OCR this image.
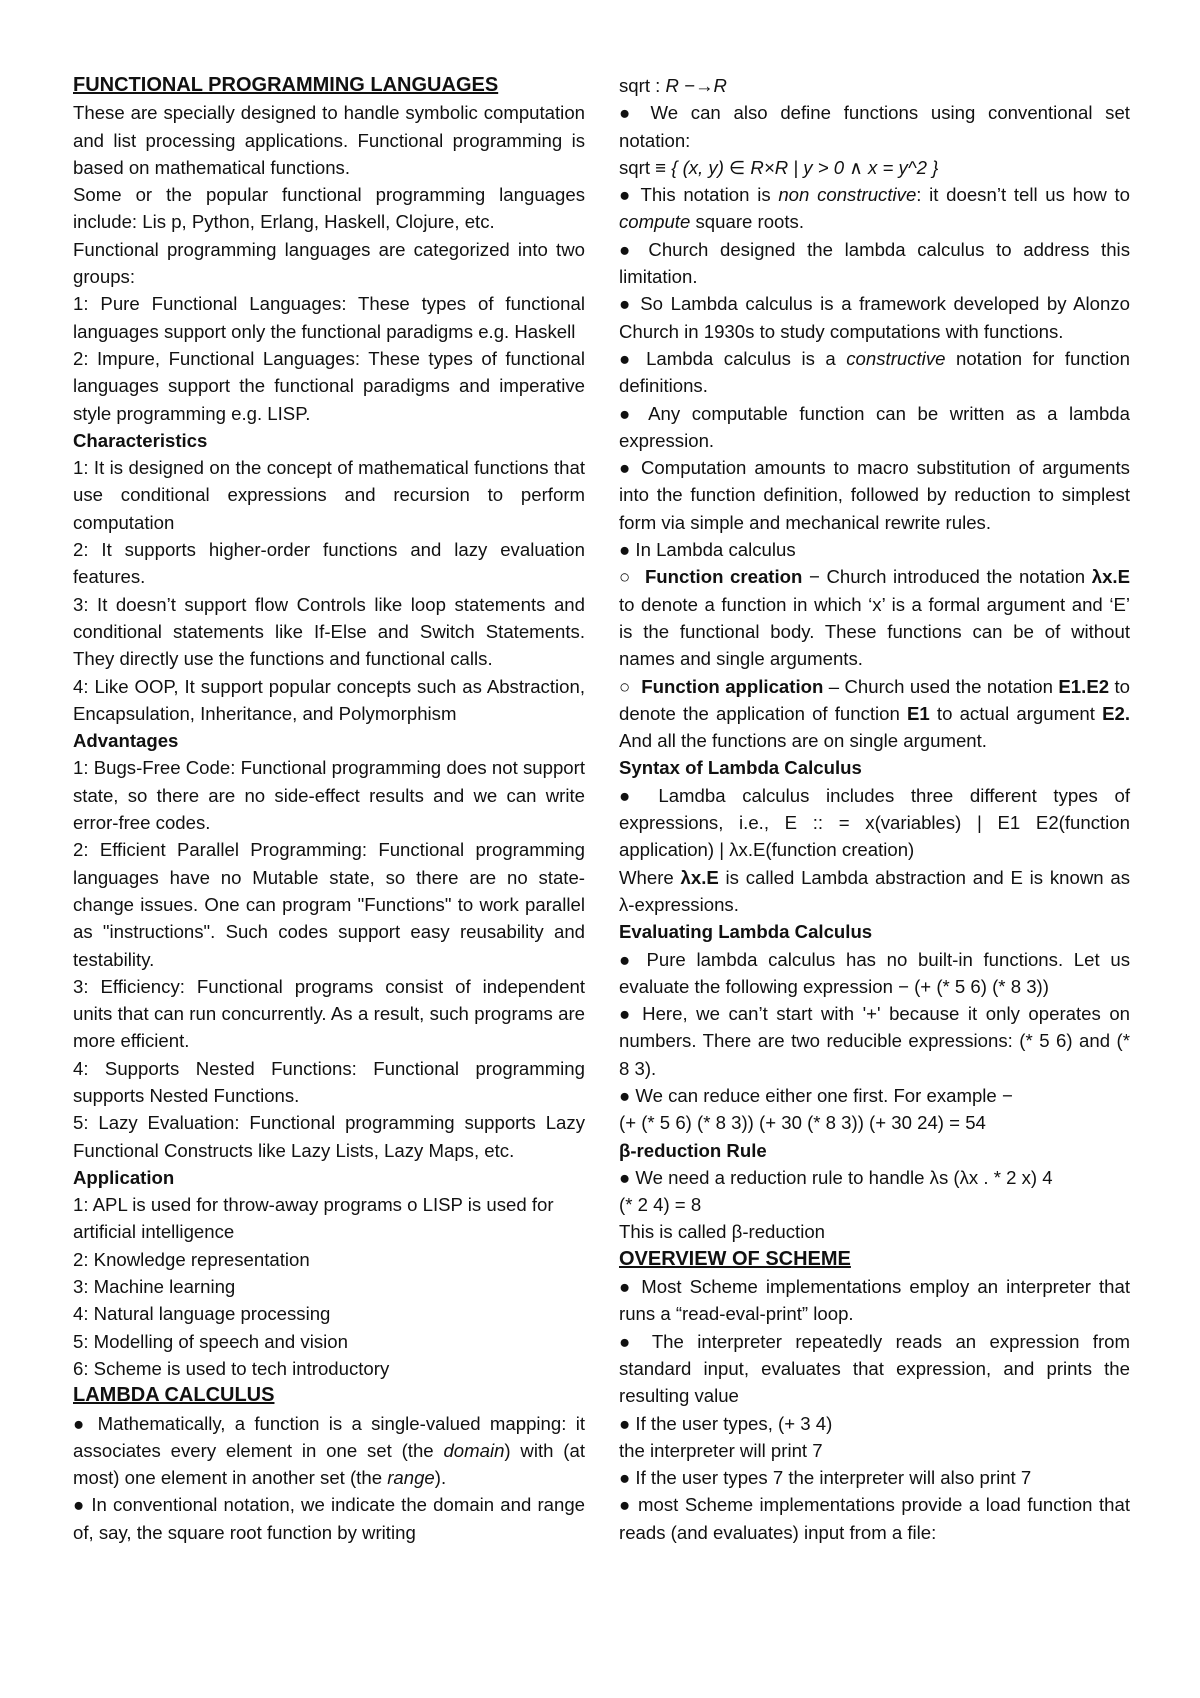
FUNCTIONAL PROGRAMMING LANGUAGES

These are specially designed to handle symbolic computation and list processing applications. Functional programming is based on mathematical functions.

Some or the popular functional programming languages include: Lis p, Python, Erlang, Haskell, Clojure, etc.

Functional programming languages are categorized into two groups:

1: Pure Functional Languages: These types of functional languages support only the functional paradigms e.g. Haskell

2: Impure, Functional Languages: These types of functional languages support the functional paradigms and imperative style programming e.g. LISP.

Characteristics

1: It is designed on the concept of mathematical functions that use conditional expressions and recursion to perform computation

2: It supports higher-order functions and lazy evaluation features.

3: It doesn’t support flow Controls like loop statements and conditional statements like If-Else and Switch Statements. They directly use the functions and functional calls.

4: Like OOP, It support popular concepts such as Abstraction, Encapsulation, Inheritance, and Polymorphism

Advantages

1: Bugs-Free Code: Functional programming does not support state, so there are no side-effect results and we can write error-free codes.

2: Efficient Parallel Programming: Functional programming languages have no Mutable state, so there are no state-change issues. One can program "Functions" to work parallel as "instructions". Such codes support easy reusability and testability.

3: Efficiency: Functional programs consist of independent units that can run concurrently. As a result, such programs are more efficient.

4: Supports Nested Functions: Functional programming supports Nested Functions.

5: Lazy Evaluation: Functional programming supports Lazy Functional Constructs like Lazy Lists, Lazy Maps, etc.

Application

1: APL is used for throw-away programs o LISP is used for artificial intelligence

2: Knowledge representation

3: Machine learning

4: Natural language processing

5: Modelling of speech and vision

6: Scheme is used to tech introductory

LAMBDA CALCULUS

● Mathematically, a function is a single-valued mapping: it associates every element in one set (the domain) with (at most) one element in another set (the range).

● In conventional notation, we indicate the domain and range of, say, the square root function by writing

sqrt : R −→R

● We can also define functions using conventional set notation:

sqrt ≡ { (x, y) ∈ R×R | y > 0 ∧ x = y^2 }

● This notation is non constructive: it doesn’t tell us how to compute square roots.

● Church designed the lambda calculus to address this limitation.

● So Lambda calculus is a framework developed by Alonzo Church in 1930s to study computations with functions.

● Lambda calculus is a constructive notation for function definitions.

● Any computable function can be written as a lambda expression.

● Computation amounts to macro substitution of arguments into the function definition, followed by reduction to simplest form via simple and mechanical rewrite rules.

● In Lambda calculus

○  Function creation − Church introduced the notation λx.E to denote a function in which ‘x’ is a formal argument and ‘E’ is the functional body. These functions can be of without names and single arguments.

○  Function application – Church used the notation E1.E2 to denote the application of function E1 to actual argument E2. And all the functions are on single argument.

Syntax of Lambda Calculus

● Lamdba calculus includes three different types of expressions, i.e., E :: = x(variables) | E1 E2(function application) | λx.E(function creation)

Where λx.E is called Lambda abstraction and E is known as λ-expressions.

Evaluating Lambda Calculus

● Pure lambda calculus has no built-in functions. Let us evaluate the following expression − (+ (* 5 6) (* 8 3))

● Here, we can’t start with '+' because it only operates on numbers. There are two reducible expressions: (* 5 6) and (* 8 3).

● We can reduce either one first. For example −

(+ (* 5 6) (* 8 3)) (+ 30 (* 8 3)) (+ 30 24) = 54

β-reduction Rule

● We need a reduction rule to handle λs (λx . * 2 x) 4

(* 2 4) = 8

This is called β-reduction

OVERVIEW OF SCHEME

● Most Scheme implementations employ an interpreter that runs a “read-eval-print” loop.

● The interpreter repeatedly reads an expression from standard input, evaluates that expression, and prints the resulting value

● If the user types, (+ 3 4)

the interpreter will print 7

● If the user types 7 the interpreter will also print 7

● most Scheme implementations provide a load function that reads (and evaluates) input from a file:
